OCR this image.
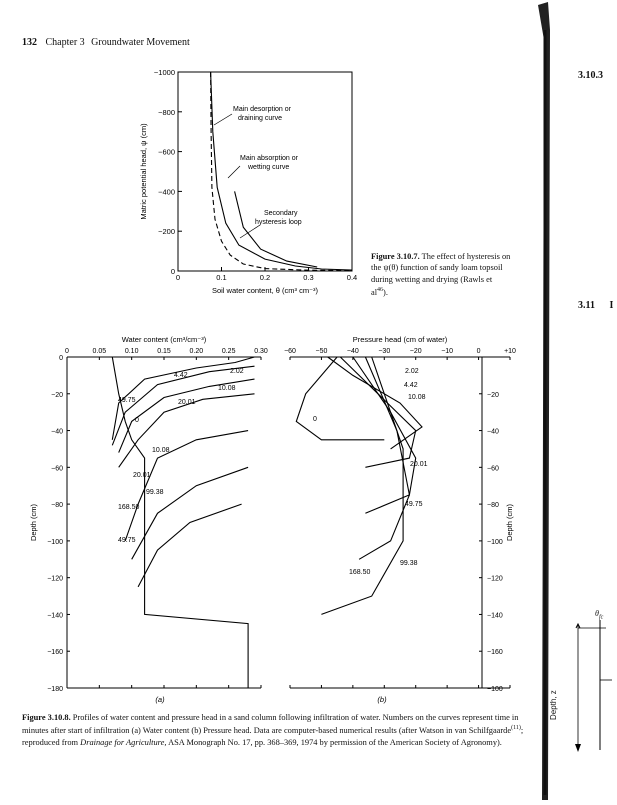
132 Chapter 3 Groundwater Movement
3.10.3
3.11 I
$\theta_{fc}$
Depth, z
0	0.1	0.2	0.3	0.4
0
−200
−400
−600
−800
−1000
Soil water content, θ (cm³ cm⁻³)
Matric potential head, ψ (cm)
Main desorption or
draining curve
Main absorption or
wetting curve
Secondary
hysteresis loop
Figure 3.10.7. The effect of hysteresis on the ψ(θ) function of sandy loam topsoil during wetting and drying (Rawls et $al^{46}$).
0	0.05	0.10	0.15	0.20	0.25	0.30
0
−20
−40
−60
−80
−100
−120
−140
−160
−180
Water content (cm³/cm⁻³)
Depth (cm)
2.02
4.42
10.08
20.01
49.75
0
10.08
20.01
99.38
168.50
49.75
(a)
−60	−50	−40	−30	−20	−10	0	+10
−20
−40
−60
−80
−100
−120
−140
−160
−100
Pressure head (cm of water)
Depth (cm)
2.02
4.42
10.08
0
20.01
49.75
99.38
168.50
(b)
Figure 3.10.8. Profiles of water content and pressure head in a sand column following infiltration of water. Numbers on the curves represent time in minutes after start of infiltration (a) Water content (b) Pressure head. Data are computer-based numerical results (after Watson in van Schilfgaarde$^{(11)}$; reproduced from Drainage for Agriculture, ASA Monograph No. 17, pp. 368–369, 1974 by permission of the American Society of Agronomy).
